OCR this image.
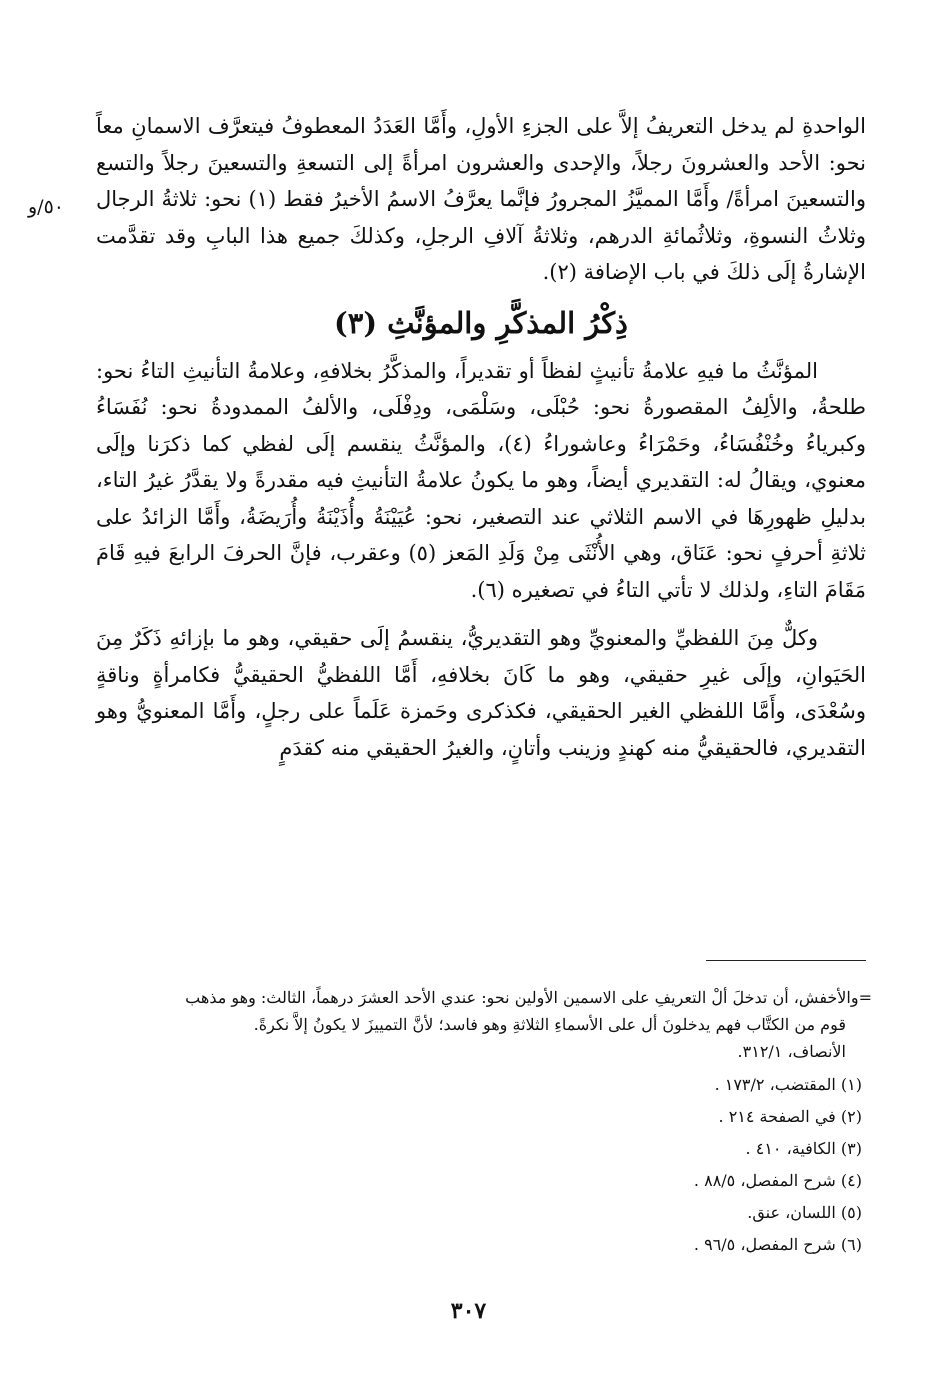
٥٠/و

الواحدةِ لم يدخل التعريفُ إلاَّ على الجزءِ الأولِ، وأَمَّا العَدَدُ المعطوفُ فيتعرَّف الاسمانِ معاً نحو: الأحد والعشرونَ رجلاً، والإحدى والعشرون امرأةً إلى التسعةِ والتسعينَ رجلاً والتسع والتسعينَ امرأةً/ وأَمَّا المميَّزُ المجرورُ فإنَّما يعرَّفُ الاسمُ الأخيرُ فقط (١) نحو: ثلاثةُ الرجال وثلاثُ النسوةِ، وثلاثُمائةِ الدرهم، وثلاثةُ آلافِ الرجلِ، وكذلكَ جميع هذا البابِ وقد تقدَّمت الإشارةُ إلَى ذلكَ في باب الإضافة (٢).

ذِكْرُ المذكَّرِ والمؤنَّثِ (٣)

المؤنَّثُ ما فيهِ علامةُ تأنيثٍ لفظاً أو تقديراً، والمذكَّرُ بخلافهِ، وعلامةُ التأنيثِ التاءُ نحو: طلحةُ، والألِفُ المقصورةُ نحو: حُبْلَى، وسَلْمَى، ودِفْلَى، والألفُ الممدودةُ نحو: نُفَسَاءُ وكبرياءُ وخُنْفُسَاءُ، وحَمْرَاءُ وعاشوراءُ (٤)، والمؤنَّثُ ينقسم إلَى لفظي كما ذكرَنا وإلَى معنوي، ويقالُ له: التقديري أيضاً، وهو ما يكونُ علامةُ التأنيثِ فيه مقدرةً ولا يقدَّرُ غيرُ التاء، بدليلِ ظهورِهَا في الاسم الثلاثي عند التصغير، نحو: عُيَيْنَةُ وأُذَيْنَةُ وأُرَيضَةُ، وأَمَّا الزائدُ على ثلاثةِ أحرفٍ نحو: عَنَاق، وهي الأُنْثَى مِنْ وَلَدِ المَعز (٥) وعقرب، فإنَّ الحرفَ الرابعَ فيهِ قَامَ مَقَامَ التاءِ، ولذلك لا تأتي التاءُ في تصغيره (٦).

وكلٌّ مِنَ اللفظيِّ والمعنويِّ وهو التقديريُّ، ينقسمُ إلَى حقيقي، وهو ما بإزائهِ ذَكَرٌ مِنَ الحَيَوانِ، وإلَى غيرِ حقيقي، وهو ما كَانَ بخلافهِ، أَمَّا اللفظيُّ الحقيقيُّ فكامرأةٍ وناقةٍ وسُعْدَى، وأَمَّا اللفظي الغير الحقيقي، فكذكرى وحَمزة عَلَماً على رجلٍ، وأَمَّا المعنويُّ وهو التقديري، فالحقيقيُّ منه كهندٍ وزينب وأتانٍ، والغيرُ الحقيقي منه كقدَمٍ

=والأخفش، أن تدخلَ ألْ التعريفِ على الاسمين الأولين نحو: عندي الأحد العشرَ درهماً، الثالث: وهو مذهب
قوم من الكتَّاب فهم يدخلونَ أل على الأسماءِ الثلاثةِ وهو فاسد؛ لأنَّ التمييزَ لا يكونُ إلاَّ نكرةً.
الأنصاف، ٣١٢/١.
(١) المقتضب، ١٧٣/٢ .
(٢) في الصفحة ٢١٤ .
(٣) الكافية، ٤١٠ .
(٤) شرح المفصل، ٨٨/٥ .
(٥) اللسان، عنق.
(٦) شرح المفصل، ٩٦/٥ .
٣٠٧
